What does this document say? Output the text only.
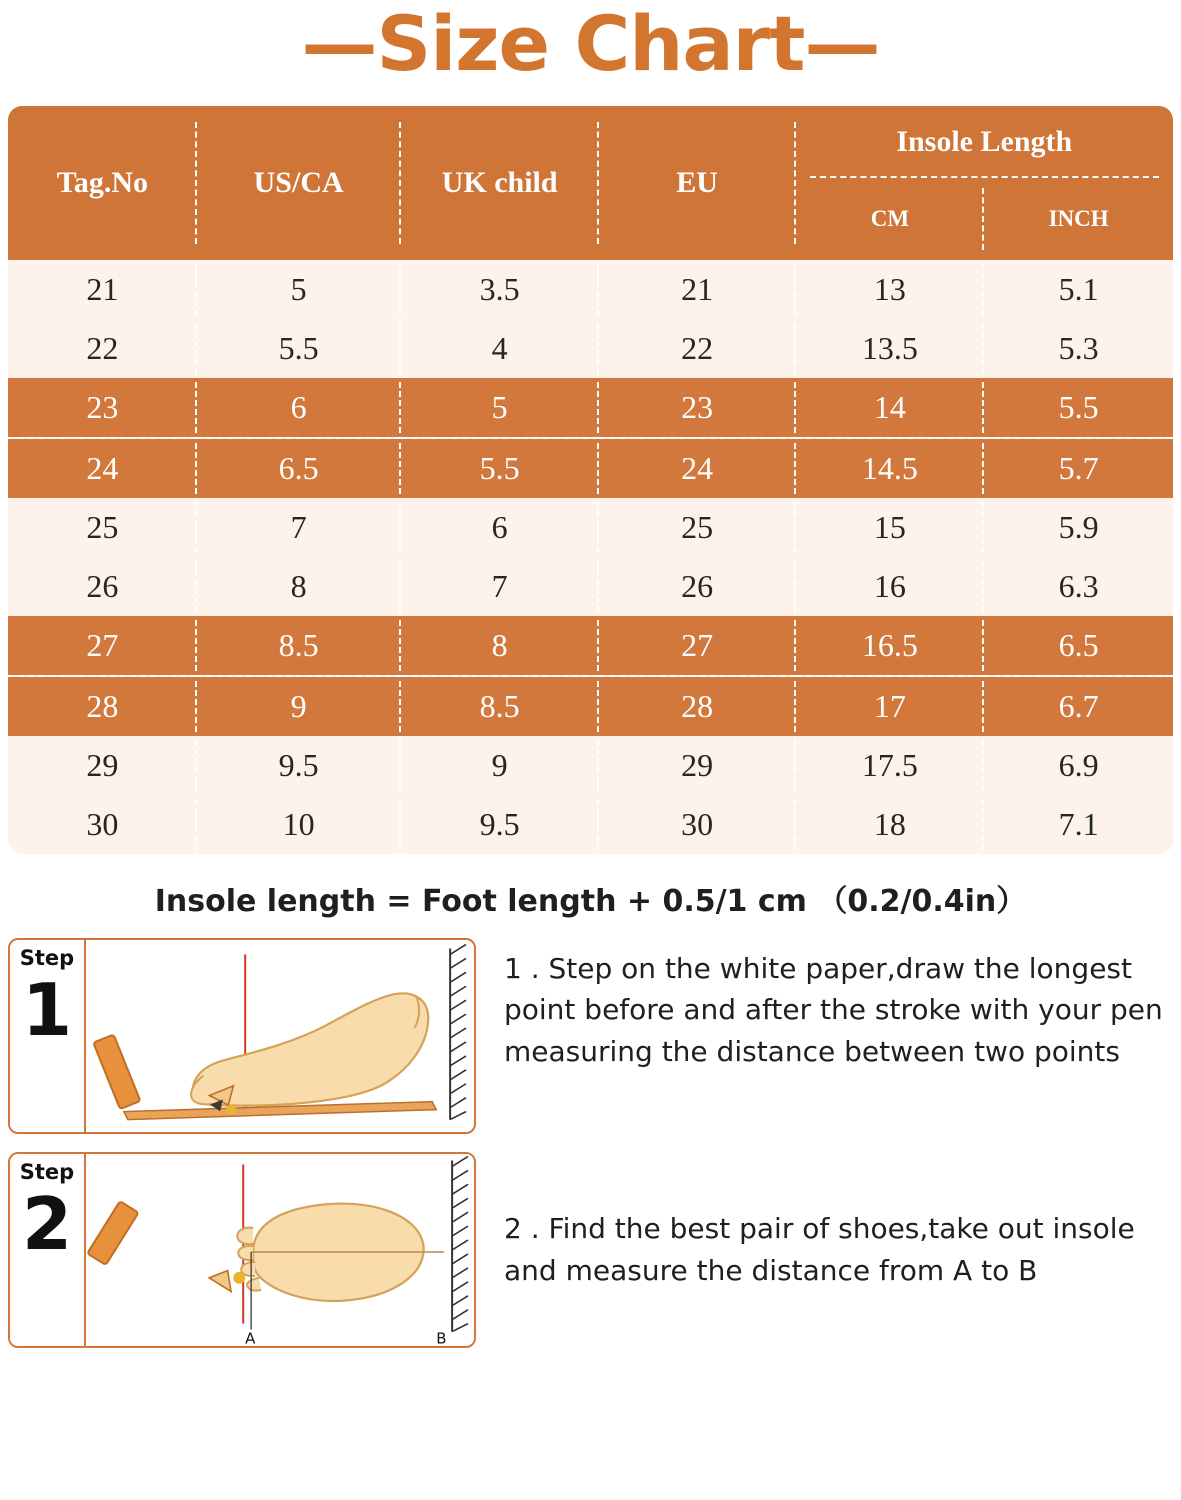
—Size Chart—
Tag.No	US/CA	UK child	EU	Insole Length	
				CM	INCH
21	5	3.5	21	13	5.1
22	5.5	4	22	13.5	5.3
23	6	5	23	14	5.5
24	6.5	5.5	24	14.5	5.7
25	7	6	25	15	5.9
26	8	7	26	16	6.3
27	8.5	8	27	16.5	6.5
28	9	8.5	28	17	6.7
29	9.5	9	29	17.5	6.9
30	10	9.5	30	18	7.1
Insole length = Foot length + 0.5/1 cm （0.2/0.4in）
Step
1	1 . Step on the white paper,draw the longest point before and after the stroke with your pen measuring the distance between two points
Step
2
A	B
2 . Find the best pair of shoes,take out insole and measure the distance from A to B
